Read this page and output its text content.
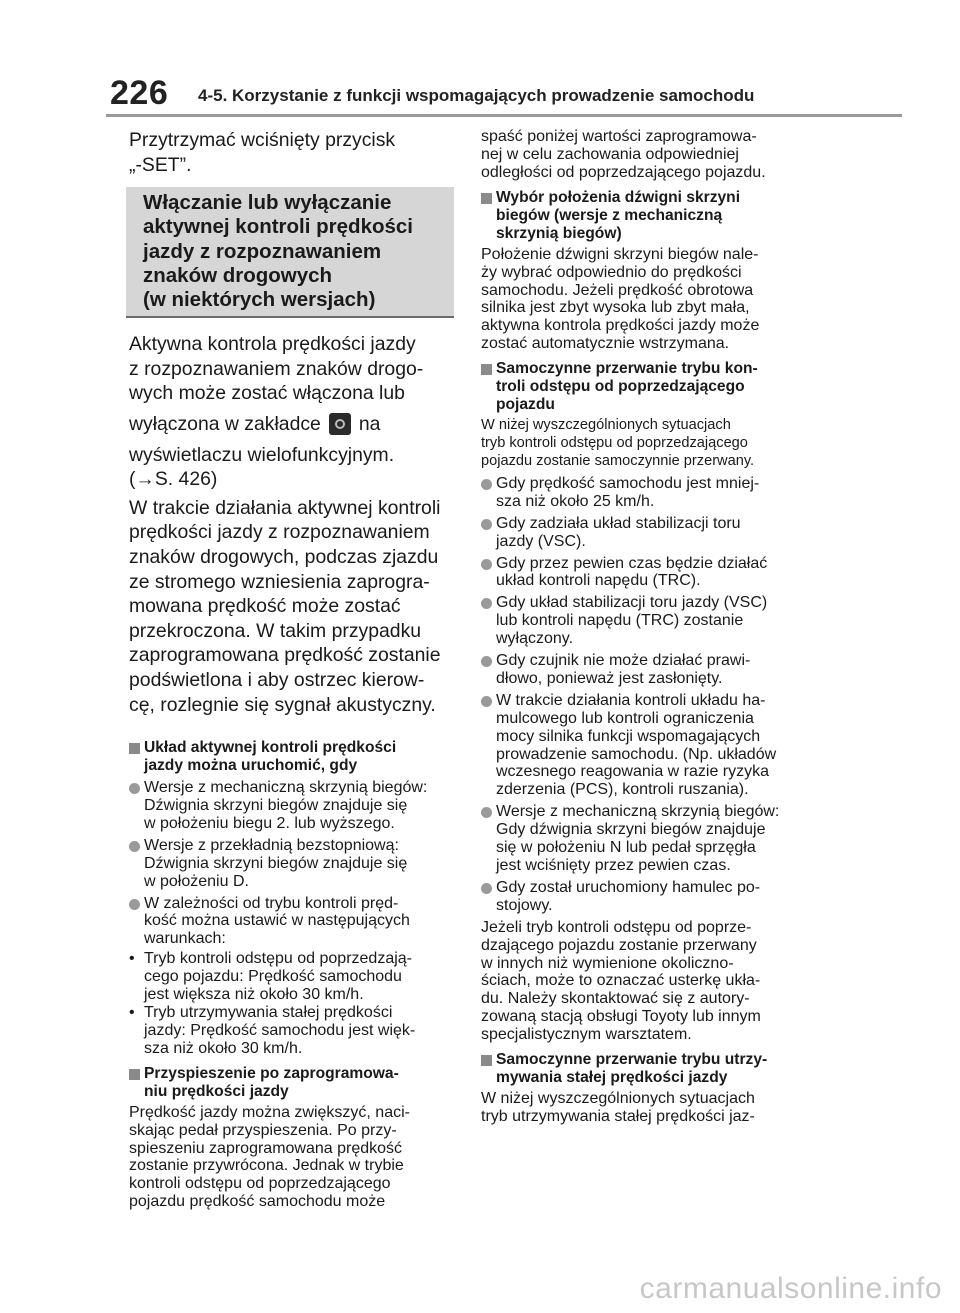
226 4-5. Korzystanie z funkcji wspomagających prowadzenie samochodu
Przytrzymać wciśnięty przycisk
„-SET”.
Włączanie lub wyłączanie
aktywnej kontroli prędkości
jazdy z rozpoznawaniem
znaków drogowych
(w niektórych wersjach)
Aktywna kontrola prędkości jazdy
z rozpoznawaniem znaków drogo-
wych może zostać włączona lub
wyłączona w zakładce na
wyświetlaczu wielofunkcyjnym.
(→S. 426)
W trakcie działania aktywnej kontroli
prędkości jazdy z rozpoznawaniem
znaków drogowych, podczas zjazdu
ze stromego wzniesienia zaprogra-
mowana prędkość może zostać
przekroczona. W takim przypadku
zaprogramowana prędkość zostanie
podświetlona i aby ostrzec kierow-
cę, rozlegnie się sygnał akustyczny.
Układ aktywnej kontroli prędkości
jazdy można uruchomić, gdy
Wersje z mechaniczną skrzynią biegów:
Dźwignia skrzyni biegów znajduje się
w położeniu biegu 2. lub wyższego.
Wersje z przekładnią bezstopniową:
Dźwignia skrzyni biegów znajduje się
w położeniu D.
W zależności od trybu kontroli pręd-
kość można ustawić w następujących
warunkach:
• Tryb kontroli odstępu od poprzedzają-
cego pojazdu: Prędkość samochodu
jest większa niż około 30 km/h.
• Tryb utrzymywania stałej prędkości
jazdy: Prędkość samochodu jest więk-
sza niż około 30 km/h.
Przyspieszenie po zaprogramowa-
niu prędkości jazdy
Prędkość jazdy można zwiększyć, naci-
skając pedał przyspieszenia. Po przy-
spieszeniu zaprogramowana prędkość
zostanie przywrócona. Jednak w trybie
kontroli odstępu od poprzedzającego
pojazdu prędkość samochodu może
spaść poniżej wartości zaprogramowa-
nej w celu zachowania odpowiedniej
odległości od poprzedzającego pojazdu.
Wybór położenia dźwigni skrzyni
biegów (wersje z mechaniczną
skrzynią biegów)
Położenie dźwigni skrzyni biegów nale-
ży wybrać odpowiednio do prędkości
samochodu. Jeżeli prędkość obrotowa
silnika jest zbyt wysoka lub zbyt mała,
aktywna kontrola prędkości jazdy może
zostać automatycznie wstrzymana.
Samoczynne przerwanie trybu kon-
troli odstępu od poprzedzającego
pojazdu
W niżej wyszczególnionych sytuacjach
tryb kontroli odstępu od poprzedzającego
pojazdu zostanie samoczynnie przerwany.
Gdy prędkość samochodu jest mniej-
sza niż około 25 km/h.
Gdy zadziała układ stabilizacji toru
jazdy (VSC).
Gdy przez pewien czas będzie działać
układ kontroli napędu (TRC).
Gdy układ stabilizacji toru jazdy (VSC)
lub kontroli napędu (TRC) zostanie
wyłączony.
Gdy czujnik nie może działać prawi-
dłowo, ponieważ jest zasłonięty.
W trakcie działania kontroli układu ha-
mulcowego lub kontroli ograniczenia
mocy silnika funkcji wspomagających
prowadzenie samochodu. (Np. układów
wczesnego reagowania w razie ryzyka
zderzenia (PCS), kontroli ruszania).
Wersje z mechaniczną skrzynią biegów:
Gdy dźwignia skrzyni biegów znajduje
się w położeniu N lub pedał sprzęgła
jest wciśnięty przez pewien czas.
Gdy został uruchomiony hamulec po-
stojowy.
Jeżeli tryb kontroli odstępu od poprze-
dzającego pojazdu zostanie przerwany
w innych niż wymienione okoliczno-
ściach, może to oznaczać usterkę ukła-
du. Należy skontaktować się z autory-
zowaną stacją obsługi Toyoty lub innym
specjalistycznym warsztatem.
Samoczynne przerwanie trybu utrzy-
mywania stałej prędkości jazdy
W niżej wyszczególnionych sytuacjach
tryb utrzymywania stałej prędkości jaz-
carmanualsonline.info
